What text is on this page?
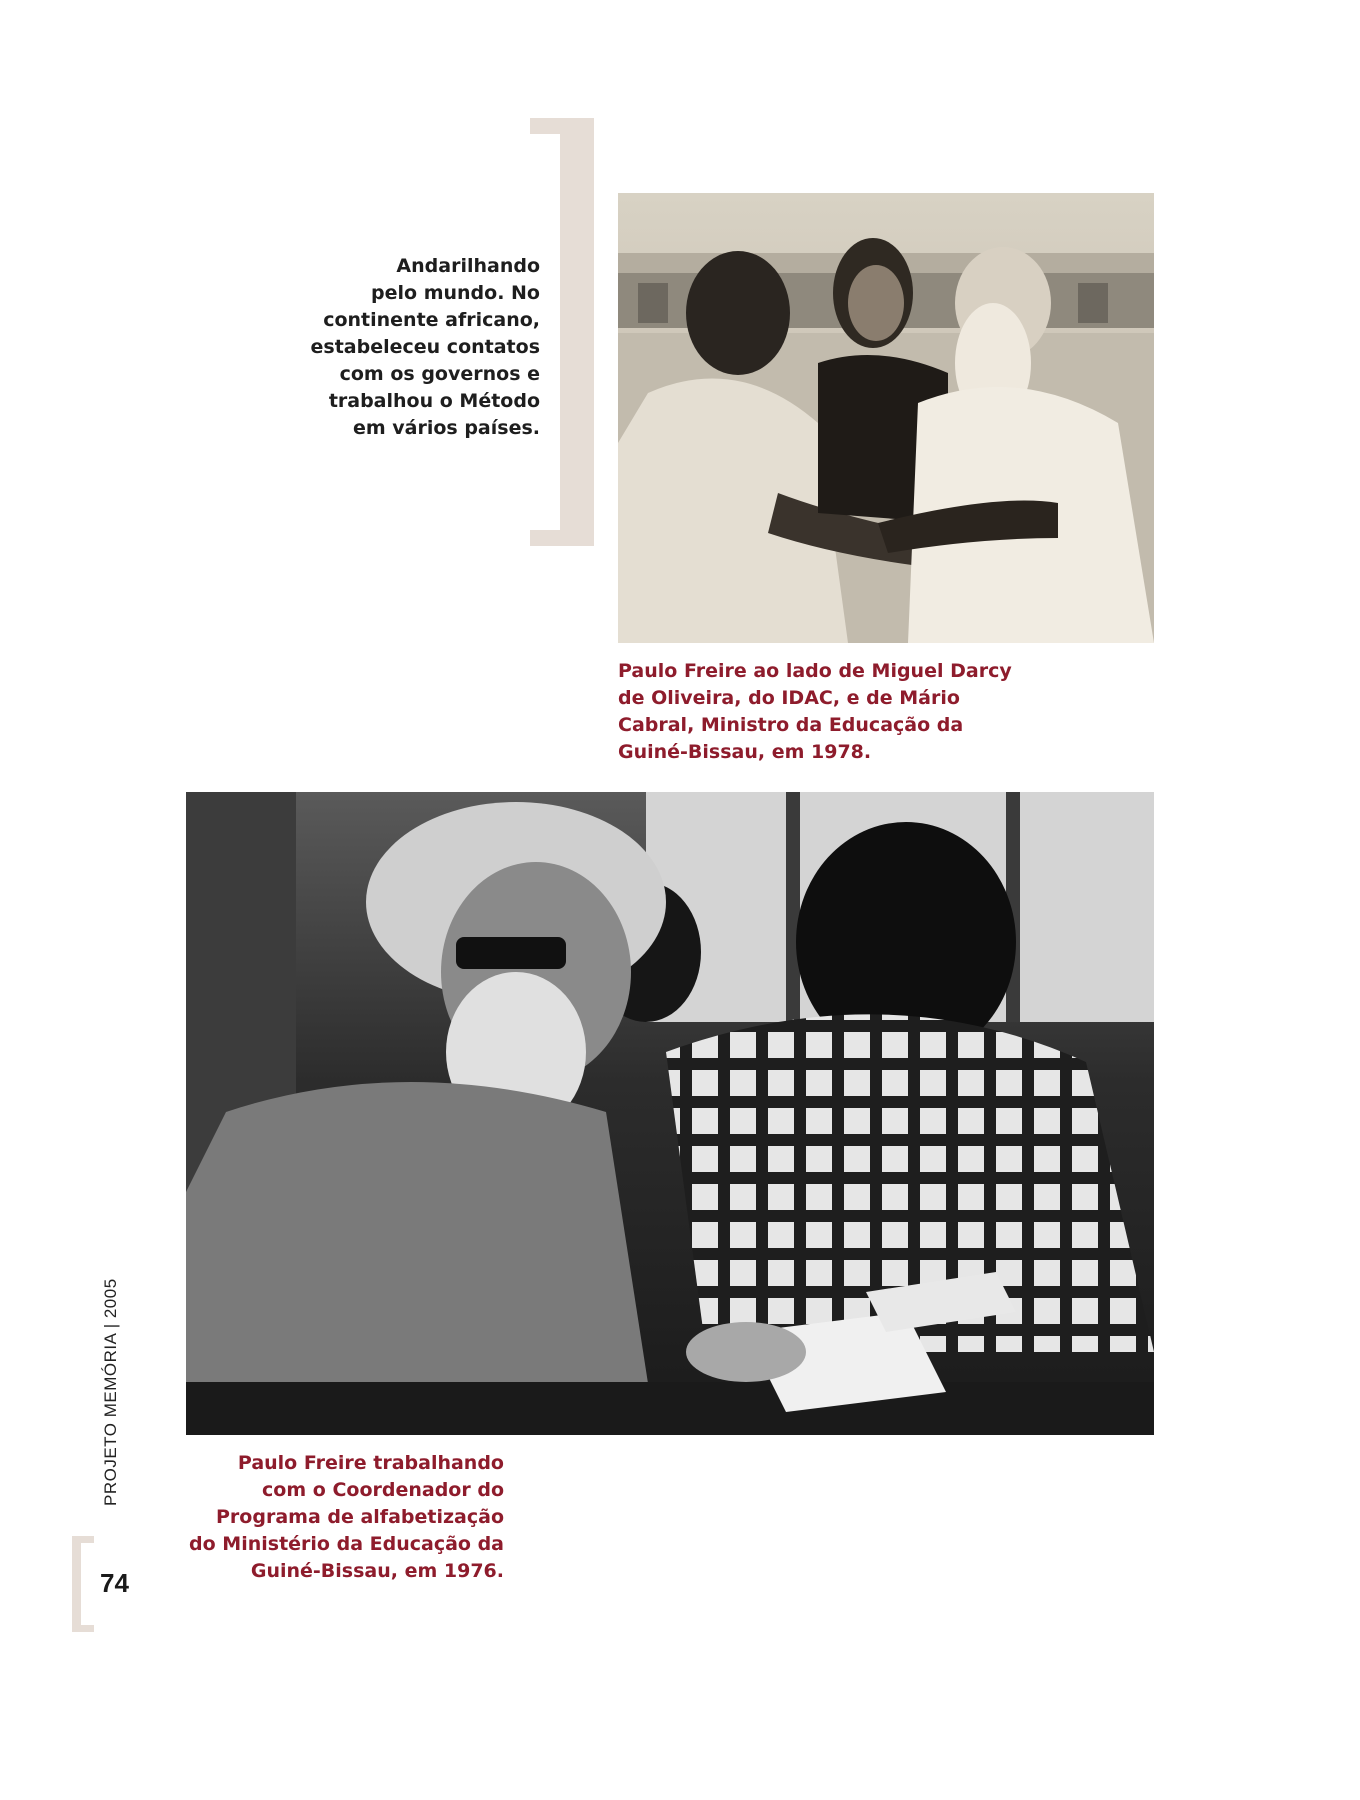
Andarilhando
pelo mundo. No
continente africano,
estabeleceu contatos
com os governos e
trabalhou o Método
em vários países.

Paulo Freire ao lado de Miguel Darcy
de Oliveira, do IDAC, e de Mário
Cabral, Ministro da Educação da
Guiné-Bissau, em 1978.

Paulo Freire trabalhando
com o Coordenador do
Programa de alfabetização
do Ministério da Educação da
Guiné-Bissau, em 1976.

PROJETO MEMÓRIA | 2005

74
